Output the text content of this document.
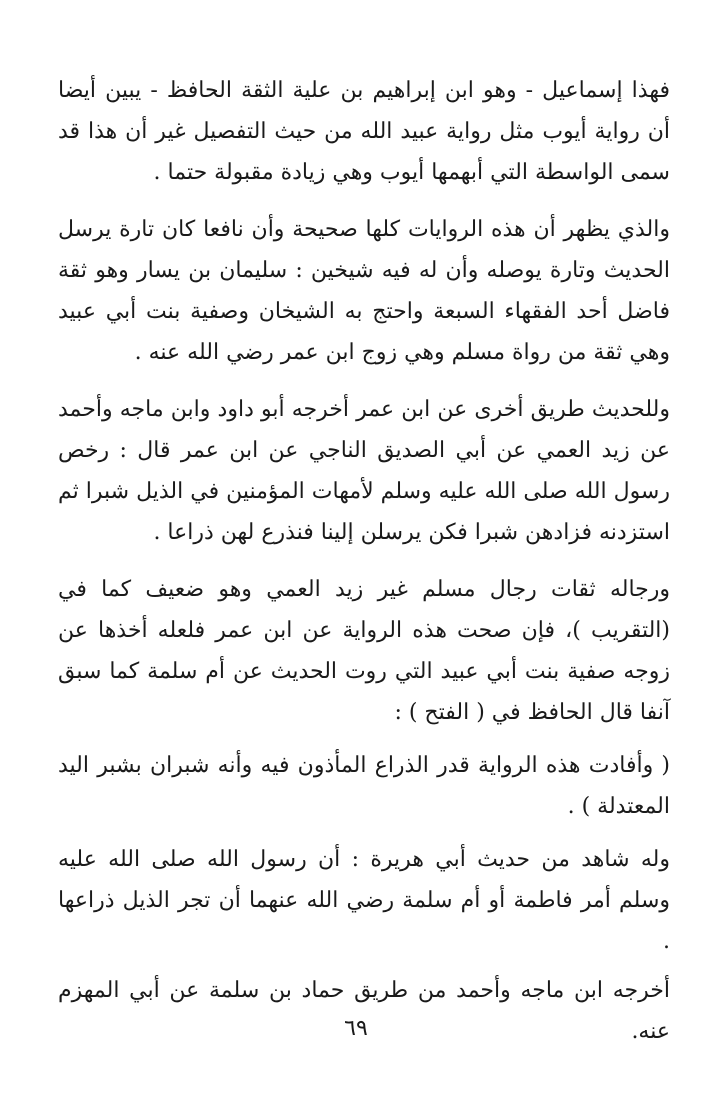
فهذا إسماعيل - وهو ابن إبراهيم بن علية الثقة الحافظ - يبين أيضا أن رواية أيوب مثل رواية عبيد الله من حيث التفصيل غير أن هذا قد سمى الواسطة التي أبهمها أيوب وهي زيادة مقبولة حتما .

والذي يظهر أن هذه الروايات كلها صحيحة وأن نافعا كان تارة يرسل الحديث وتارة يوصله وأن له فيه شيخين : سليمان بن يسار وهو ثقة فاضل أحد الفقهاء السبعة واحتج به الشيخان وصفية بنت أبي عبيد وهي ثقة من رواة مسلم وهي زوج ابن عمر رضي الله عنه .

وللحديث طريق أخرى عن ابن عمر أخرجه أبو داود وابن ماجه وأحمد عن زيد العمي عن أبي الصديق الناجي عن ابن عمر قال : رخص رسول الله صلى الله عليه وسلم لأمهات المؤمنين في الذيل شبرا ثم استزدنه فزادهن شبرا فكن يرسلن إلينا فنذرع لهن ذراعا .

ورجاله ثقات رجال مسلم غير زيد العمي وهو ضعيف كما في (التقريب )، فإن صحت هذه الرواية عن ابن عمر فلعله أخذها عن زوجه صفية بنت أبي عبيد التي روت الحديث عن أم سلمة كما سبق آنفا قال الحافظ في ( الفتح ) :

( وأفادت هذه الرواية قدر الذراع المأذون فيه وأنه شبران بشبر اليد المعتدلة ) .

وله شاهد من حديث أبي هريرة : أن رسول الله صلى الله عليه وسلم أمر فاطمة أو أم سلمة رضي الله عنهما أن تجر الذيل ذراعها .

أخرجه ابن ماجه وأحمد من طريق حماد بن سلمة عن أبي المهزم عنه.

٦٩
